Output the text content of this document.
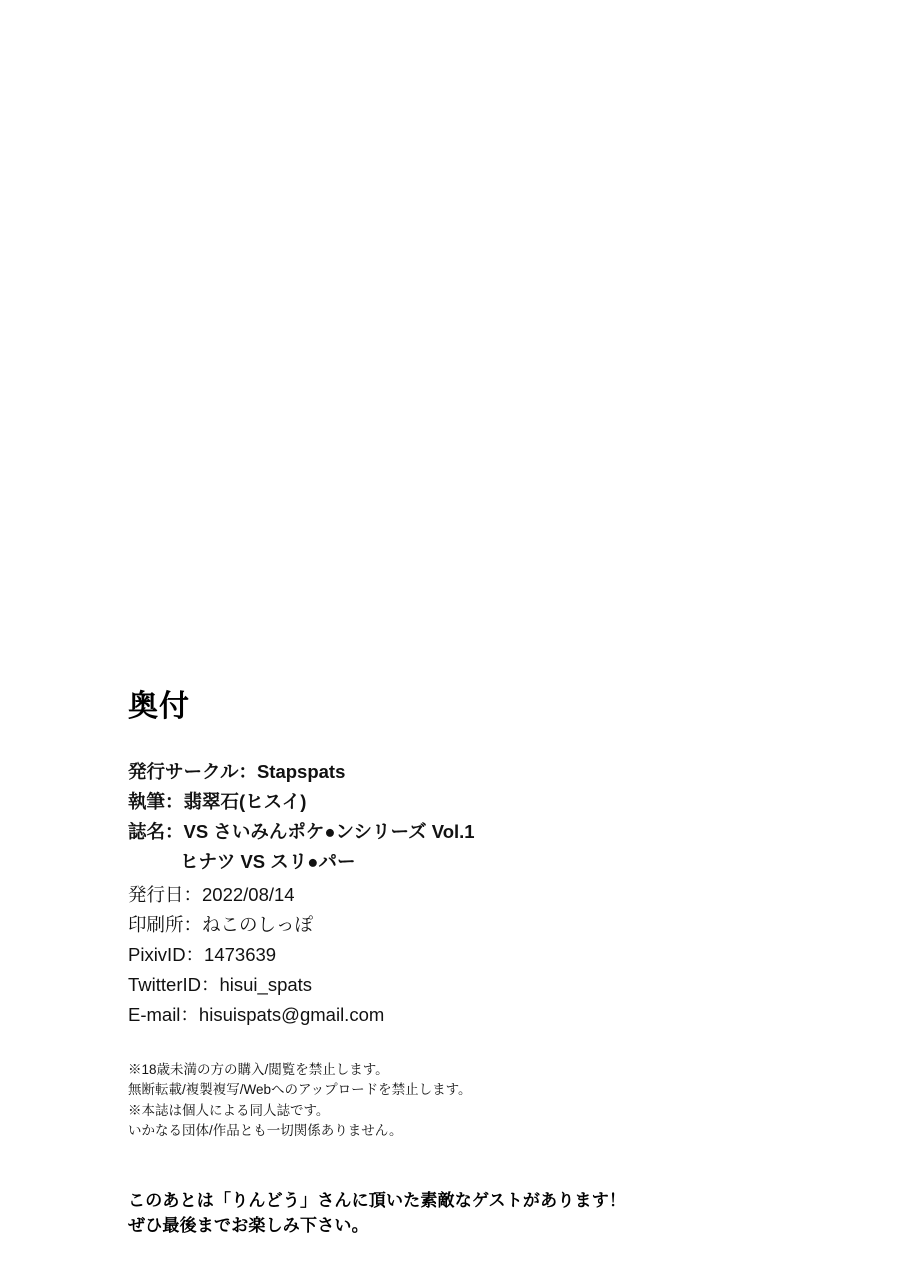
奥付
発行サークル：Stapspats
執筆：翡翠石(ヒスイ)
誌名：VS さいみんポケ●ンシリーズ Vol.1
ヒナツ VS スリ●パー
発行日：2022/08/14
印刷所：ねこのしっぽ
PixivID：1473639
TwitterID：hisui_spats
E-mail：hisuispats@gmail.com
※18歳未満の方の購入/閲覧を禁止します。
無断転載/複製複写/Webへのアップロードを禁止します。
※本誌は個人による同人誌です。
いかなる団体/作品とも一切関係ありません。
このあとは「りんどう」さんに頂いた素敵なゲストがあります！
ぜひ最後までお楽しみ下さい。
